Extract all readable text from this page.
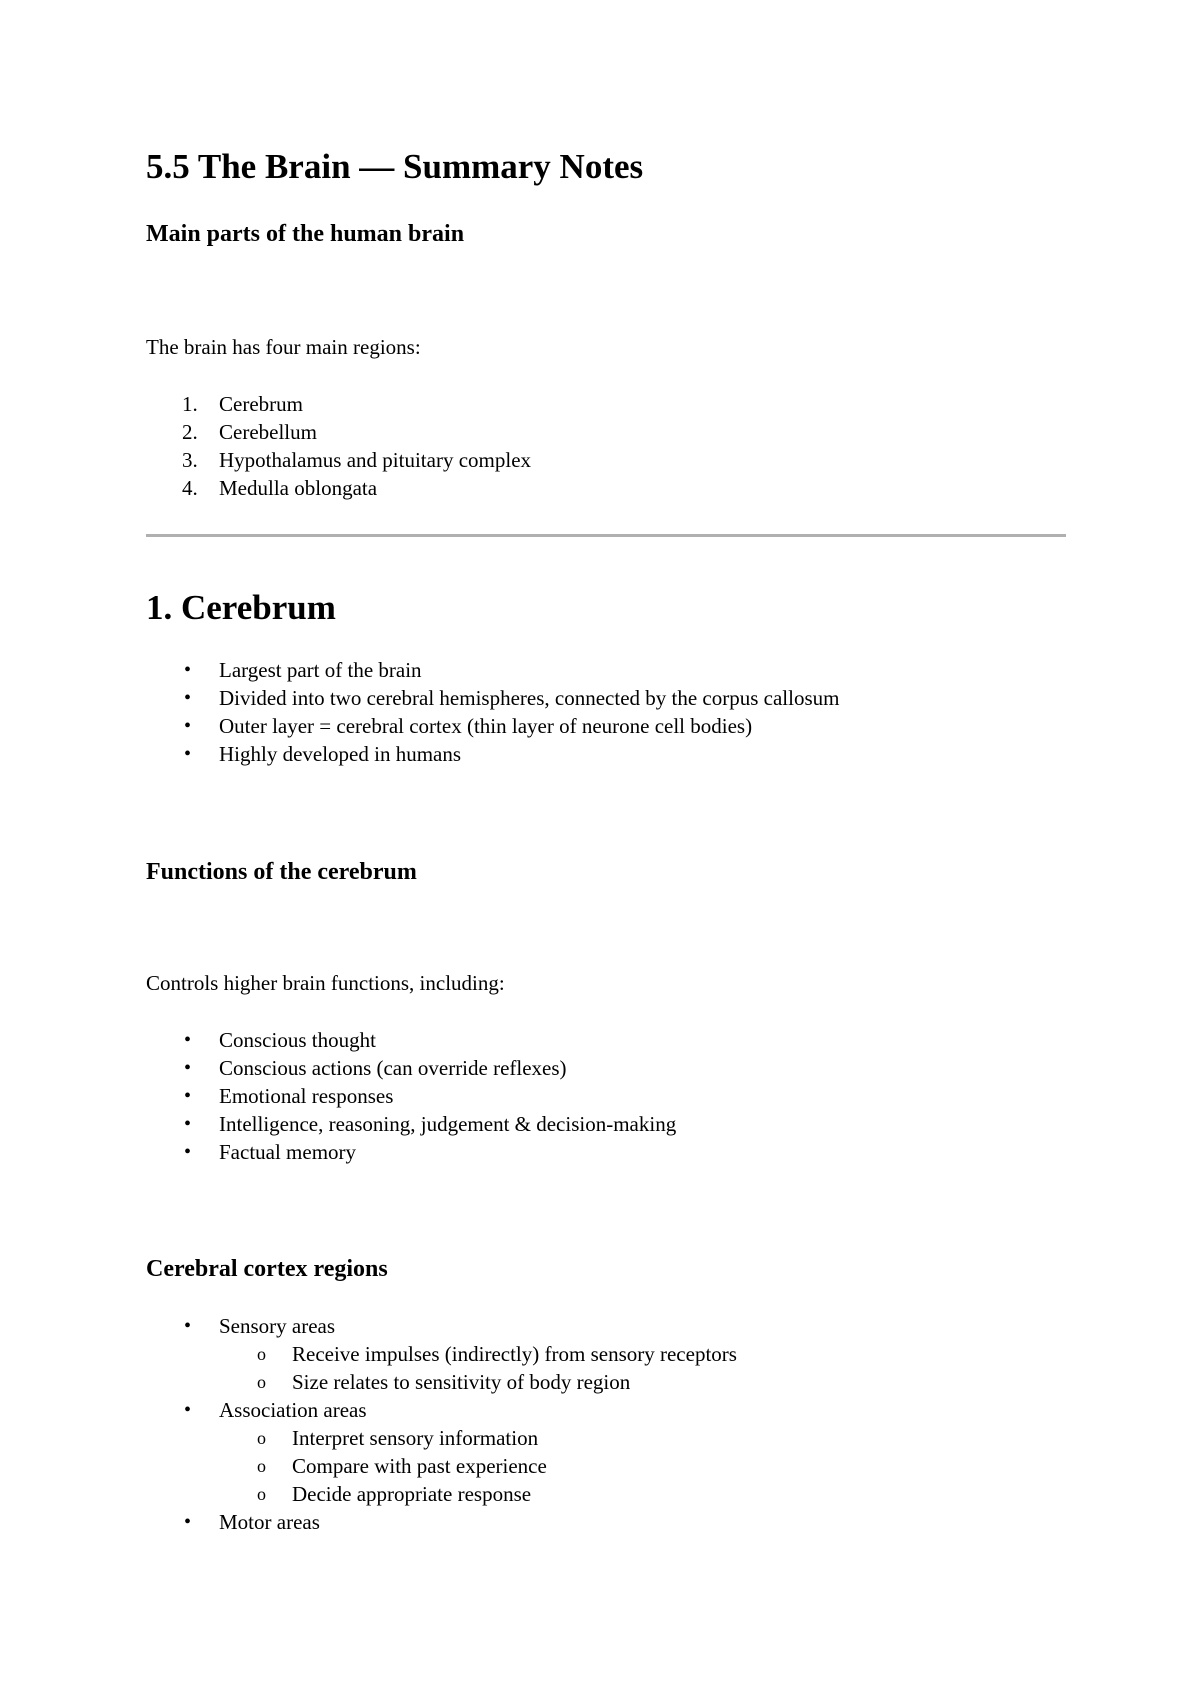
5.5 The Brain — Summary Notes
Main parts of the human brain

The brain has four main regions:

1.	Cerebrum
2.	Cerebellum
3.	Hypothalamus and pituitary complex
4.	Medulla oblongata
1. Cerebrum
• Largest part of the brain
• Divided into two cerebral hemispheres, connected by the corpus callosum
• Outer layer = cerebral cortex (thin layer of neurone cell bodies)
• Highly developed in humans
Functions of the cerebrum

Controls higher brain functions, including:

• Conscious thought
• Conscious actions (can override reflexes)
• Emotional responses
• Intelligence, reasoning, judgement & decision-making
• Factual memory
Cerebral cortex regions
• Sensory areas
o Receive impulses (indirectly) from sensory receptors
o Size relates to sensitivity of body region
• Association areas
o Interpret sensory information
o Compare with past experience
o Decide appropriate response
• Motor areas
